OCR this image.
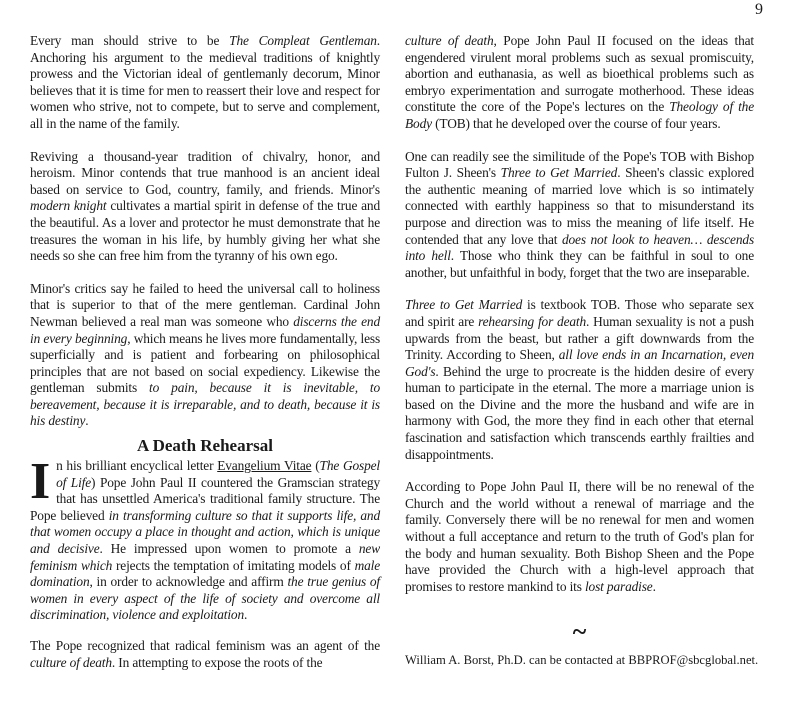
9

Every man should strive to be The Compleat Gentleman. Anchoring his argument to the medieval traditions of knightly prowess and the Victorian ideal of gentlemanly decorum, Minor believes that it is time for men to reassert their love and respect for women who strive, not to compete, but to serve and complement, all in the name of the family.

Reviving a thousand-year tradition of chivalry, honor, and heroism. Minor contends that true manhood is an ancient ideal based on service to God, country, family, and friends. Minor's modern knight cultivates a martial spirit in defense of the true and the beautiful. As a lover and protector he must demonstrate that he treasures the woman in his life, by humbly giving her what she needs so she can free him from the tyranny of his own ego.

Minor's critics say he failed to heed the universal call to holiness that is superior to that of the mere gentleman. Cardinal John Newman believed a real man was someone who discerns the end in every beginning, which means he lives more fundamentally, less superficially and is patient and forbearing on philosophical principles that are not based on social expediency. Likewise the gentleman submits to pain, because it is inevitable, to bereavement, because it is irreparable, and to death, because it is his destiny.

A Death Rehearsal

In his brilliant encyclical letter Evangelium Vitae (The Gospel of Life) Pope John Paul II countered the Gramscian strategy that has unsettled America's traditional family structure. The Pope believed in transforming culture so that it supports life, and that women occupy a place in thought and action, which is unique and decisive. He impressed upon women to promote a new feminism which rejects the temptation of imitating models of male domination, in order to acknowledge and affirm the true genius of women in every aspect of the life of society and overcome all discrimination, violence and exploitation.

The Pope recognized that radical feminism was an agent of the culture of death. In attempting to expose the roots of the

culture of death, Pope John Paul II focused on the ideas that engendered virulent moral problems such as sexual promiscuity, abortion and euthanasia, as well as bioethical problems such as embryo experimentation and surrogate motherhood. These ideas constitute the core of the Pope's lectures on the Theology of the Body (TOB) that he developed over the course of four years.

One can readily see the similitude of the Pope's TOB with Bishop Fulton J. Sheen's Three to Get Married. Sheen's classic explored the authentic meaning of married love which is so intimately connected with earthly happiness so that to misunderstand its purpose and direction was to miss the meaning of life itself. He contended that any love that does not look to heaven… descends into hell. Those who think they can be faithful in soul to one another, but unfaithful in body, forget that the two are inseparable.

Three to Get Married is textbook TOB. Those who separate sex and spirit are rehearsing for death. Human sexuality is not a push upwards from the beast, but rather a gift downwards from the Trinity. According to Sheen, all love ends in an Incarnation, even God's. Behind the urge to procreate is the hidden desire of every human to participate in the eternal. The more a marriage union is based on the Divine and the more the husband and wife are in harmony with God, the more they find in each other that eternal fascination and satisfaction which transcends earthly frailties and disappointments.

According to Pope John Paul II, there will be no renewal of the Church and the world without a renewal of marriage and the family. Conversely there will be no renewal for men and women without a full acceptance and return to the truth of God's plan for the body and human sexuality. Both Bishop Sheen and the Pope have provided the Church with a high-level approach that promises to restore mankind to its lost paradise.

~
William A. Borst, Ph.D. can be contacted at BBPROF@sbcglobal.net.
